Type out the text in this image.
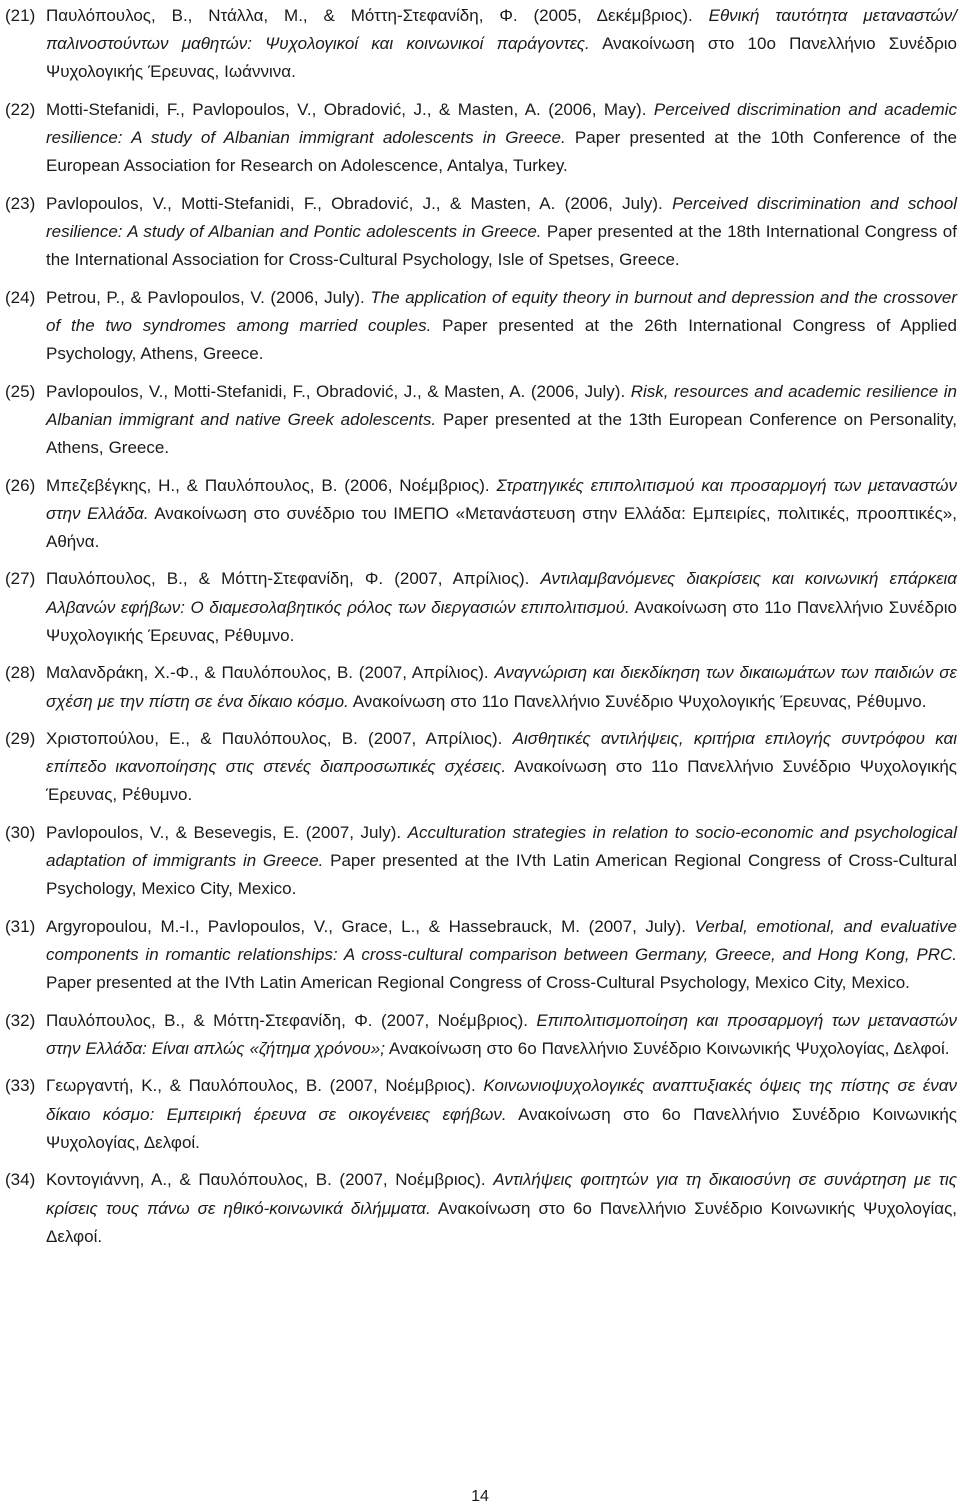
(21) Παυλόπουλος, Β., Ντάλλα, Μ., & Μόττη-Στεφανίδη, Φ. (2005, Δεκέμβριος). Εθνική ταυτότητα μεταναστών/παλινοστούντων μαθητών: Ψυχολογικοί και κοινωνικοί παράγοντες. Ανακοίνωση στο 10ο Πανελλήνιο Συνέδριο Ψυχολογικής Έρευνας, Ιωάννινα.
(22) Motti-Stefanidi, F., Pavlopoulos, V., Obradović, J., & Masten, A. (2006, May). Perceived discrimination and academic resilience: A study of Albanian immigrant adolescents in Greece. Paper presented at the 10th Conference of the European Association for Research on Adolescence, Antalya, Turkey.
(23) Pavlopoulos, V., Motti-Stefanidi, F., Obradović, J., & Masten, A. (2006, July). Perceived discrimination and school resilience: A study of Albanian and Pontic adolescents in Greece. Paper presented at the 18th International Congress of the International Association for Cross-Cultural Psychology, Isle of Spetses, Greece.
(24) Petrou, P., & Pavlopoulos, V. (2006, July). The application of equity theory in burnout and depression and the crossover of the two syndromes among married couples. Paper presented at the 26th International Congress of Applied Psychology, Athens, Greece.
(25) Pavlopoulos, V., Motti-Stefanidi, F., Obradović, J., & Masten, A. (2006, July). Risk, resources and academic resilience in Albanian immigrant and native Greek adolescents. Paper presented at the 13th European Conference on Personality, Athens, Greece.
(26) Μπεζεβέγκης, Η., & Παυλόπουλος, Β. (2006, Νοέμβριος). Στρατηγικές επιπολιτισμού και προσαρμογή των μεταναστών στην Ελλάδα. Ανακοίνωση στο συνέδριο του ΙΜΕΠΟ «Μετανάστευση στην Ελλάδα: Εμπειρίες, πολιτικές, προοπτικές», Αθήνα.
(27) Παυλόπουλος, Β., & Μόττη-Στεφανίδη, Φ. (2007, Απρίλιος). Αντιλαμβανόμενες διακρίσεις και κοινωνική επάρκεια Αλβανών εφήβων: Ο διαμεσολαβητικός ρόλος των διεργασιών επιπολιτισμού. Ανακοίνωση στο 11ο Πανελλήνιο Συνέδριο Ψυχολογικής Έρευνας, Ρέθυμνο.
(28) Μαλανδράκη, Χ.-Φ., & Παυλόπουλος, Β. (2007, Απρίλιος). Αναγνώριση και διεκδίκηση των δικαιωμάτων των παιδιών σε σχέση με την πίστη σε ένα δίκαιο κόσμο. Ανακοίνωση στο 11ο Πανελλήνιο Συνέδριο Ψυχολογικής Έρευνας, Ρέθυμνο.
(29) Χριστοπούλου, Ε., & Παυλόπουλος, Β. (2007, Απρίλιος). Αισθητικές αντιλήψεις, κριτήρια επιλογής συντρόφου και επίπεδο ικανοποίησης στις στενές διαπροσωπικές σχέσεις. Ανακοίνωση στο 11ο Πανελλήνιο Συνέδριο Ψυχολογικής Έρευνας, Ρέθυμνο.
(30) Pavlopoulos, V., & Besevegis, E. (2007, July). Acculturation strategies in relation to socio-economic and psychological adaptation of immigrants in Greece. Paper presented at the IVth Latin American Regional Congress of Cross-Cultural Psychology, Mexico City, Mexico.
(31) Argyropoulou, M.-I., Pavlopoulos, V., Grace, L., & Hassebrauck, M. (2007, July). Verbal, emotional, and evaluative components in romantic relationships: A cross-cultural comparison between Germany, Greece, and Hong Kong, PRC. Paper presented at the IVth Latin American Regional Congress of Cross-Cultural Psychology, Mexico City, Mexico.
(32) Παυλόπουλος, Β., & Μόττη-Στεφανίδη, Φ. (2007, Νοέμβριος). Επιπολιτισμοποίηση και προσαρμογή των μεταναστών στην Ελλάδα: Είναι απλώς «ζήτημα χρόνου»; Ανακοίνωση στο 6ο Πανελλήνιο Συνέδριο Κοινωνικής Ψυχολογίας, Δελφοί.
(33) Γεωργαντή, Κ., & Παυλόπουλος, Β. (2007, Νοέμβριος). Κοινωνιοψυχολογικές αναπτυξιακές όψεις της πίστης σε έναν δίκαιο κόσμο: Εμπειρική έρευνα σε οικογένειες εφήβων. Ανακοίνωση στο 6ο Πανελλήνιο Συνέδριο Κοινωνικής Ψυχολογίας, Δελφοί.
(34) Κοντογιάννη, Α., & Παυλόπουλος, Β. (2007, Νοέμβριος). Αντιλήψεις φοιτητών για τη δικαιοσύνη σε συνάρτηση με τις κρίσεις τους πάνω σε ηθικό-κοινωνικά διλήμματα. Ανακοίνωση στο 6ο Πανελλήνιο Συνέδριο Κοινωνικής Ψυχολογίας, Δελφοί.
14
